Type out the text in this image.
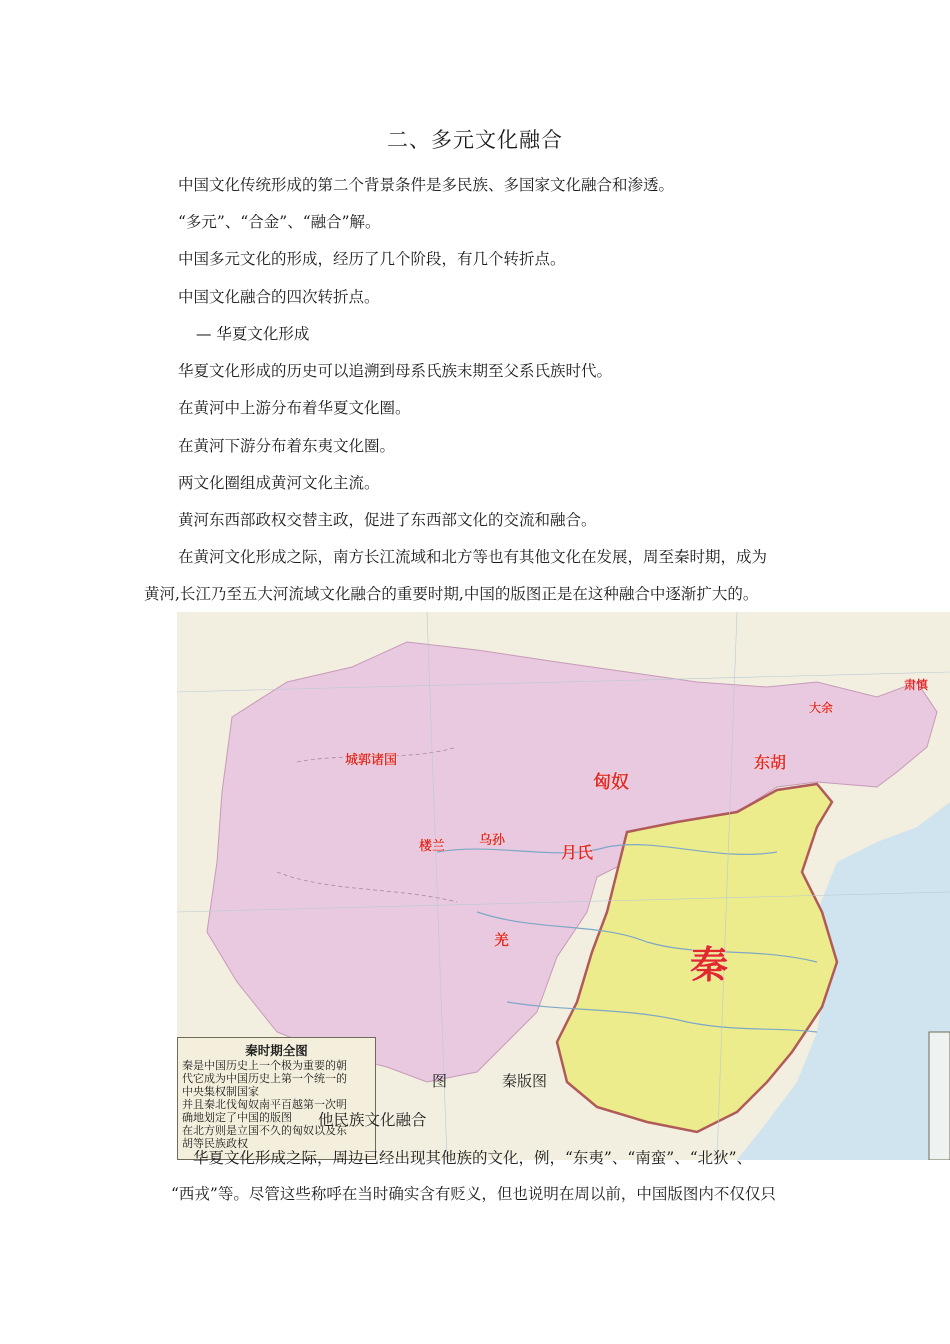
二、多元文化融合
中国文化传统形成的第二个背景条件是多民族、多国家文化融合和渗透。
“多元”、“合金”、“融合”解。
中国多元文化的形成，经历了几个阶段，有几个转折点。
中国文化融合的四次转折点。
— 华夏文化形成
华夏文化形成的历史可以追溯到母系氏族末期至父系氏族时代。
在黄河中上游分布着华夏文化圈。
在黄河下游分布着东夷文化圈。
两文化圈组成黄河文化主流。
黄河东西部政权交替主政，促进了东西部文化的交流和融合。
在黄河文化形成之际，南方长江流域和北方等也有其他文化在发展，周至秦时期，成为
黄河,长江乃至五大河流域文化融合的重要时期,中国的版图正是在这种融合中逐渐扩大的。
城郭诸国
匈奴
东胡
大余
肃慎
楼兰	乌孙
月氏
羌
秦
秦时期全图
秦是中国历史上一个极为重要的朝
代它成为中国历史上第一个统一的
中央集权制国家
并且秦北伐匈奴南平百越第一次明
确地划定了中国的版图
在北方则是立国不久的匈奴以及东
胡等民族政权
图	秦版图
他民族文化融合
华夏文化形成之际，周边已经出现其他族的文化，例，“东夷”、“南蛮”、“北狄”、
“西戎”等。尽管这些称呼在当时确实含有贬义，但也说明在周以前，中国版图内不仅仅只
